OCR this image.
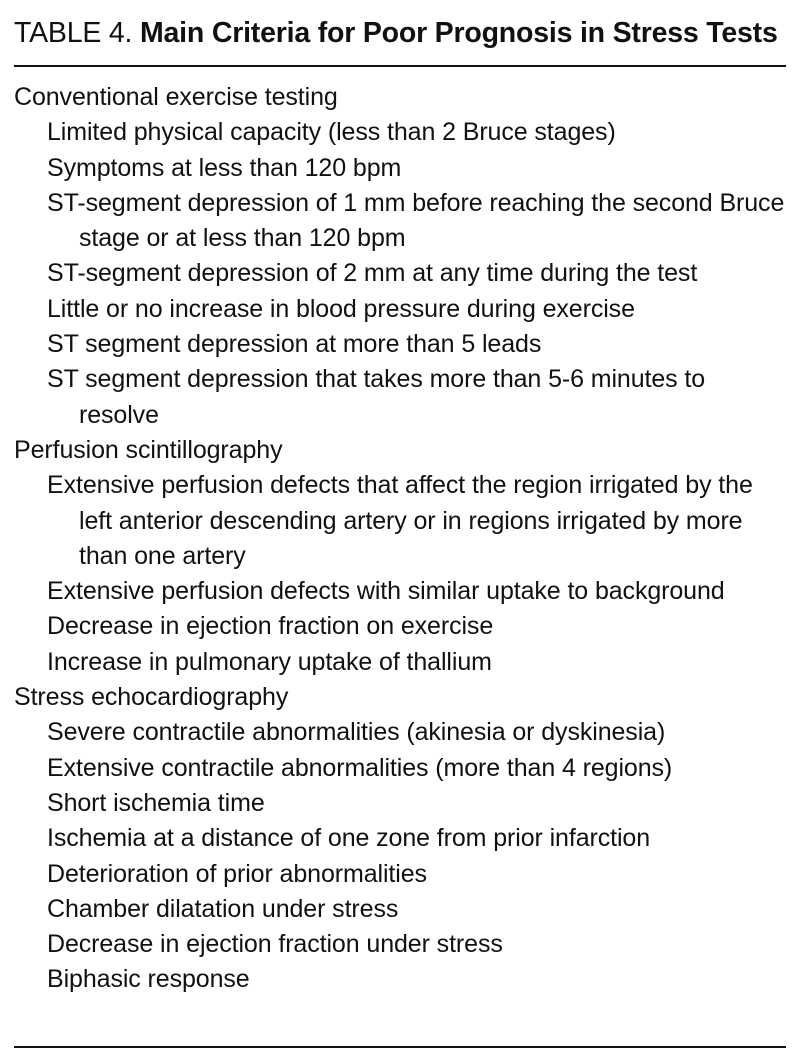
TABLE 4. Main Criteria for Poor Prognosis in Stress Tests

Conventional exercise testing
Limited physical capacity (less than 2 Bruce stages)
Symptoms at less than 120 bpm
ST-segment depression of 1 mm before reaching the second Bruce stage or at less than 120 bpm
ST-segment depression of 2 mm at any time during the test
Little or no increase in blood pressure during exercise
ST segment depression at more than 5 leads
ST segment depression that takes more than 5-6 minutes to resolve
Perfusion scintillography
Extensive perfusion defects that affect the region irrigated by the left anterior descending artery or in regions irrigated by more than one artery
Extensive perfusion defects with similar uptake to background
Decrease in ejection fraction on exercise
Increase in pulmonary uptake of thallium
Stress echocardiography
Severe contractile abnormalities (akinesia or dyskinesia)
Extensive contractile abnormalities (more than 4 regions)
Short ischemia time
Ischemia at a distance of one zone from prior infarction
Deterioration of prior abnormalities
Chamber dilatation under stress
Decrease in ejection fraction under stress
Biphasic response
